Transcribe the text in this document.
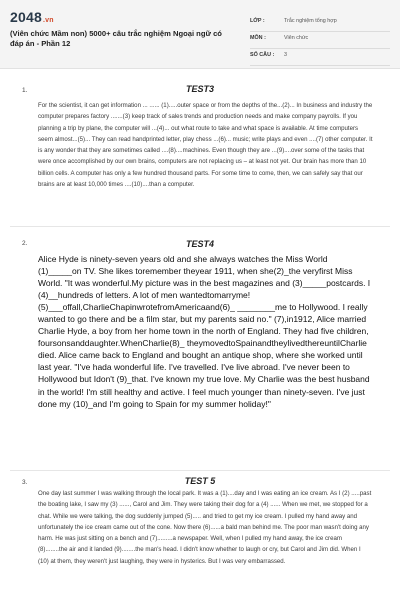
2048.vn
(Viên chức Mầm non) 5000+ câu trắc nghiệm Ngoại ngữ có đáp án - Phần 12
LỚP :	Trắc nghiệm tổng hợp
MÔN :	Viên chức
SỐ CÂU : 3
1.	TEST3
For the scientist, it can get information ... ...... (1).....outer space or from the depths of the...(2)... In business and industry the computer prepares factory .......(3) keep track of sales trends and production needs and make company payrolls. If you planning a trip by plane, the computer will ...(4)... out what route to take and what space is available. At time computers seem almost...(5)... They can read handprinted letter, play chess ...(6)... music; write plays and even ....(7) other computer. It is any wonder that they are sometimes called ....(8)....machines. Even though they are ...(9)....over some of the tasks that were once accomplished by our own brains, computers are not replacing us – at least not yet. Our brain has more than 10 billion cells. A computer has only a few hundred thousand parts. For some time to come, then, we can safely say that our brains are at least 10,000 times ....(10)....than a computer.
2.	TEST4
Alice Hyde is ninety-seven years old and she always watches the Miss World (1)_____on TV. She likes toremember theyear 1911, when she(2)_the veryfirst Miss World. "It was wonderful.My picture was in the best magazines and (3)_____postcards. I (4)__hundreds of letters. A lot of men wantedtomarryme!(5)___offall,CharlieChapinwrotefromAmericaand(6)_ ________me to Hollywood. I really wanted to go there and be a film star, but my parents said no." (7),in1912, Alice married Charlie Hyde, a boy from her home town in the north of England. They had five children, foursonsanddaughter.WhenCharlie(8)_ theymovedtoSpainandtheylivedthereuntilCharlie died. Alice came back to England and bought an antique shop, where she worked until last year. "I've hada wonderful life. I've travelled. I've live abroad. I've never been to Hollywood but Idon't (9)_that. I've known my true love. My Charlie was the best husband in the world! I'm still healthy and active. I feel much younger than ninety-seven. I've just done my (10)_and I'm going to Spain for my summer holiday!"
3.	TEST 5
One day last summer I was walking through the local park. It was a (1)....day and I was eating an ice cream. As I (2) .....past the boating lake, I saw my (3) ......, Carol and Jim. They were taking their dog for a (4) ...... When we met, we stopped for a chat. While we were talking, the dog suddenly jumped (5)..... and tried to get my ice cream. I pulled my hand away and unfortunately the ice cream came out of the cone. Now there (6)......a bald man behind me. The poor man wasn't doing any harm. He was just sitting on a bench and (7).........a newspaper. Well, when I pulled my hand away, the ice cream (8)........the air and it landed (9)........the man's head. I didn't know whether to laugh or cry, but Carol and Jim did. When I (10) at them, they weren't just laughing, they were in hysterics. But I was very embarrassed.
